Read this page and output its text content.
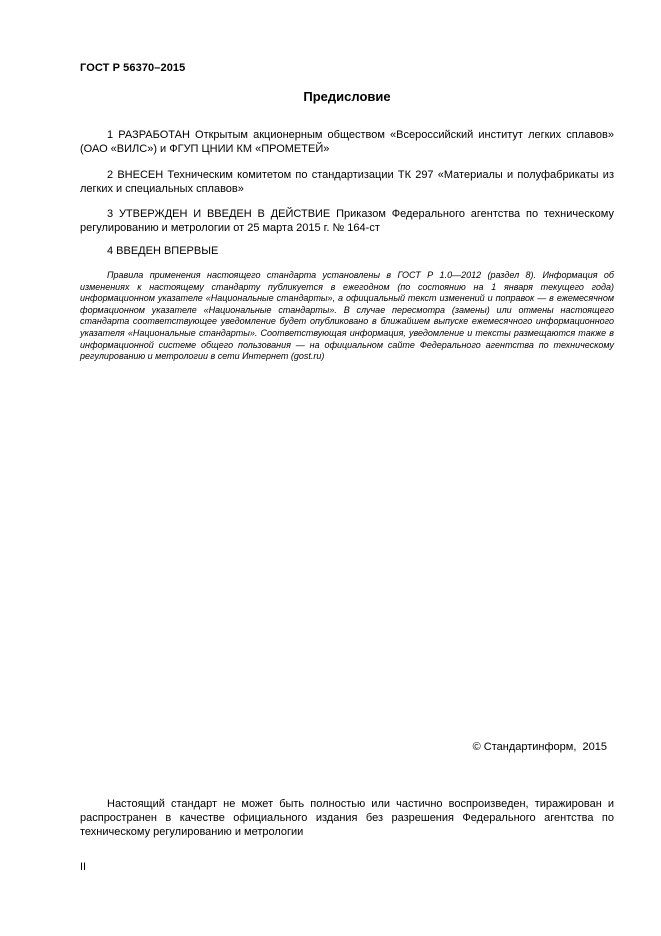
ГОСТ Р 56370–2015
Предисловие

1 РАЗРАБОТАН Открытым акционерным обществом «Всероссийский институт легких сплавов» (ОАО «ВИЛС») и ФГУП ЦНИИ КМ «ПРОМЕТЕЙ»

2 ВНЕСЕН Техническим комитетом по стандартизации ТК 297 «Материалы и полуфабрикаты из легких и специальных сплавов»

3 УТВЕРЖДЕН И ВВЕДЕН В ДЕЙСТВИЕ Приказом Федерального агентства по техническому регулированию и метрологии от 25 марта 2015 г. № 164-ст

4 ВВЕДЕН ВПЕРВЫЕ

Правила применения настоящего стандарта установлены в ГОСТ Р 1.0—2012 (раздел 8). Информация об изменениях к настоящему стандарту публикуется в ежегодном (по состоянию на 1 января текущего года) информационном указателе «Национальные стандарты», а официальный текст изменений и поправок — в ежемесячном формационном указателе «Национальные стандарты». В случае пересмотра (замены) или отмены настоящего стандарта соответствующее уведомление будет опубликовано в ближайшем выпуске ежемесячного информационного указателя «Национальные стандарты». Соответствующая информация, уведомление и тексты размещаются также в информационной системе общего пользования — на официальном сайте Федерального агентства по техническому регулированию и метрологии в сети Интернет (gost.ru)

© Стандартинформ, 2015

Настоящий стандарт не может быть полностью или частично воспроизведен, тиражирован и распространен в качестве официального издания без разрешения Федерального агентства по техническому регулированию и метрологии

II
